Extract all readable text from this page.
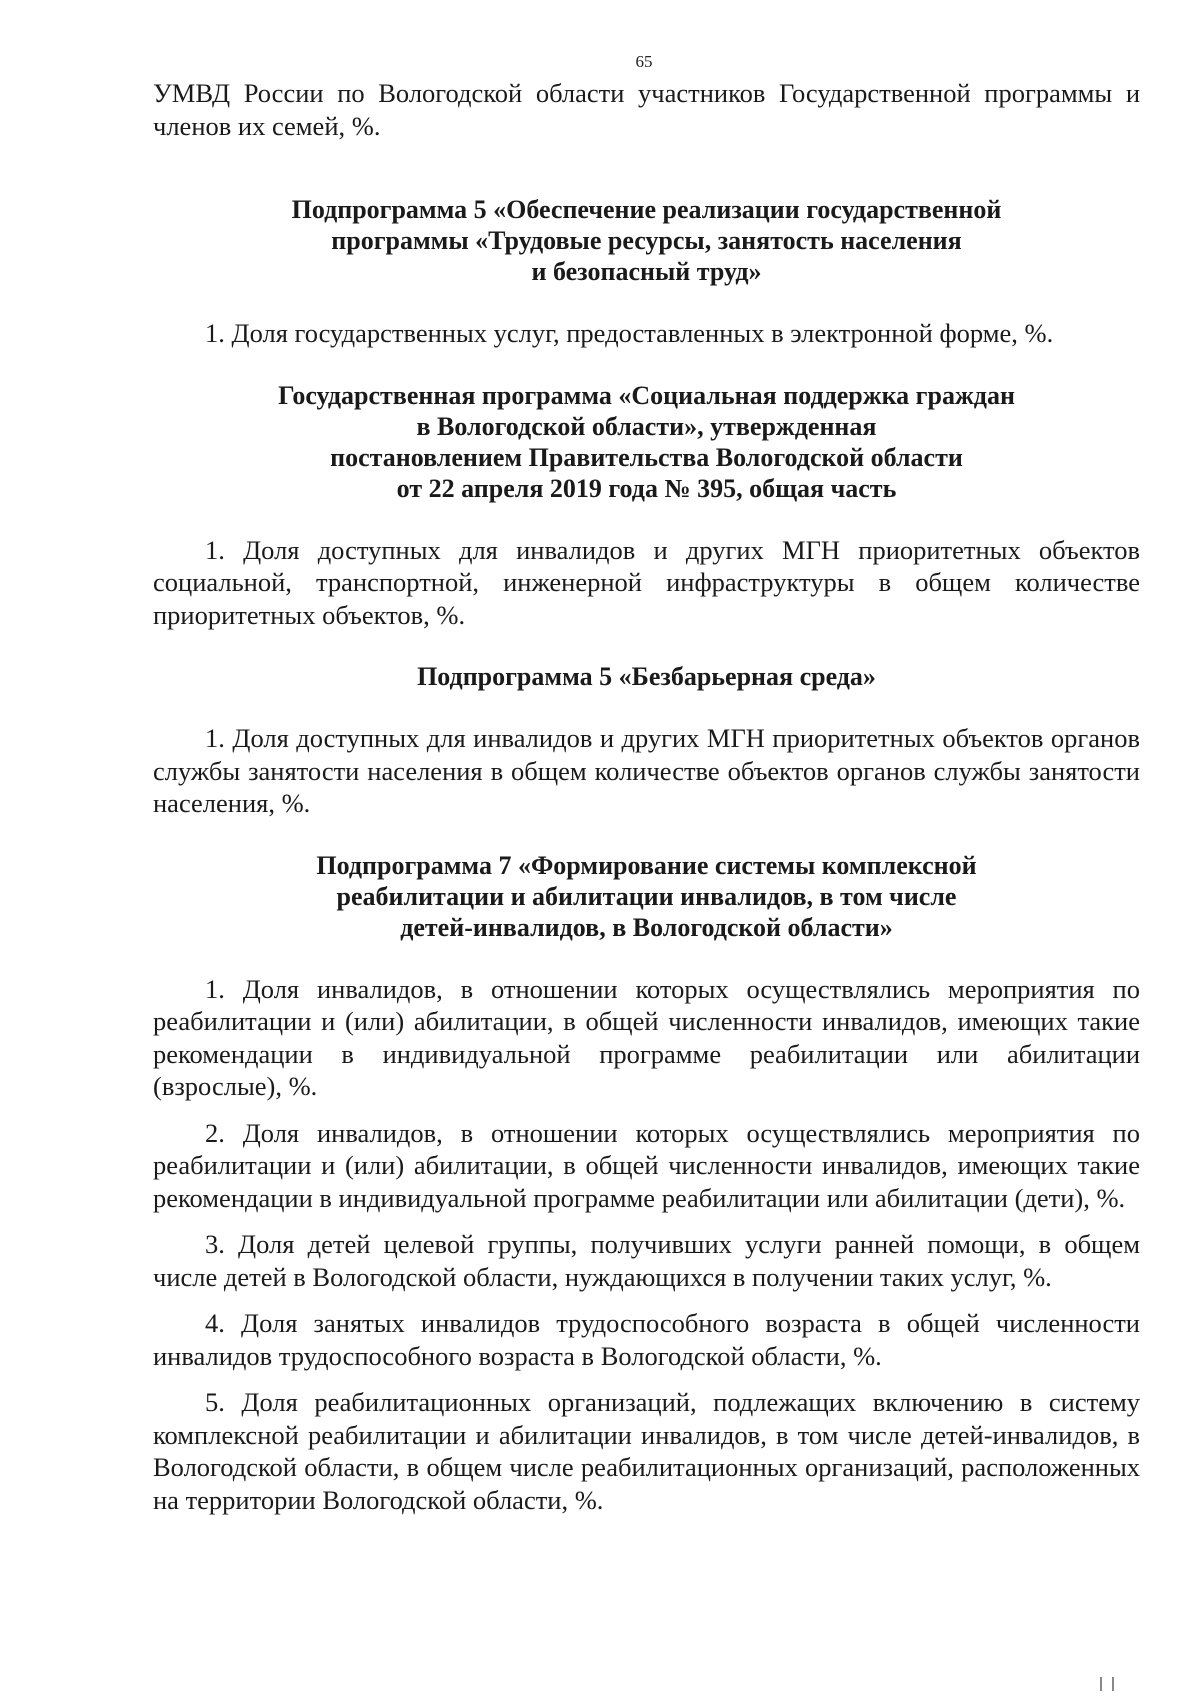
65

УМВД России по Вологодской области участников Государственной программы и членов их семей, %.

Подпрограмма 5 «Обеспечение реализации государственной
программы «Трудовые ресурсы, занятость населения
и безопасный труд»

1. Доля государственных услуг, предоставленных в электронной форме, %.

Государственная программа «Социальная поддержка граждан
в Вологодской области», утвержденная
постановлением Правительства Вологодской области
от 22 апреля 2019 года № 395, общая часть

1. Доля доступных для инвалидов и других МГН приоритетных объектов социальной, транспортной, инженерной инфраструктуры в общем количестве приоритетных объектов, %.

Подпрограмма 5 «Безбарьерная среда»

1. Доля доступных для инвалидов и других МГН приоритетных объектов органов службы занятости населения в общем количестве объектов органов службы занятости населения, %.

Подпрограмма 7 «Формирование системы комплексной
реабилитации и абилитации инвалидов, в том числе
детей-инвалидов, в Вологодской области»

1. Доля инвалидов, в отношении которых осуществлялись мероприятия по реабилитации и (или) абилитации, в общей численности инвалидов, имеющих такие рекомендации в индивидуальной программе реабилитации или абилитации (взрослые), %.

2. Доля инвалидов, в отношении которых осуществлялись мероприятия по реабилитации и (или) абилитации, в общей численности инвалидов, имеющих такие рекомендации в индивидуальной программе реабилитации или абилитации (дети), %.

3. Доля детей целевой группы, получивших услуги ранней помощи, в общем числе детей в Вологодской области, нуждающихся в получении таких услуг, %.

4. Доля занятых инвалидов трудоспособного возраста в общей численности инвалидов трудоспособного возраста в Вологодской области, %.

5. Доля реабилитационных организаций, подлежащих включению в систему комплексной реабилитации и абилитации инвалидов, в том числе детей-инвалидов, в Вологодской области, в общем числе реабилитационных организаций, расположенных на территории Вологодской области, %.
